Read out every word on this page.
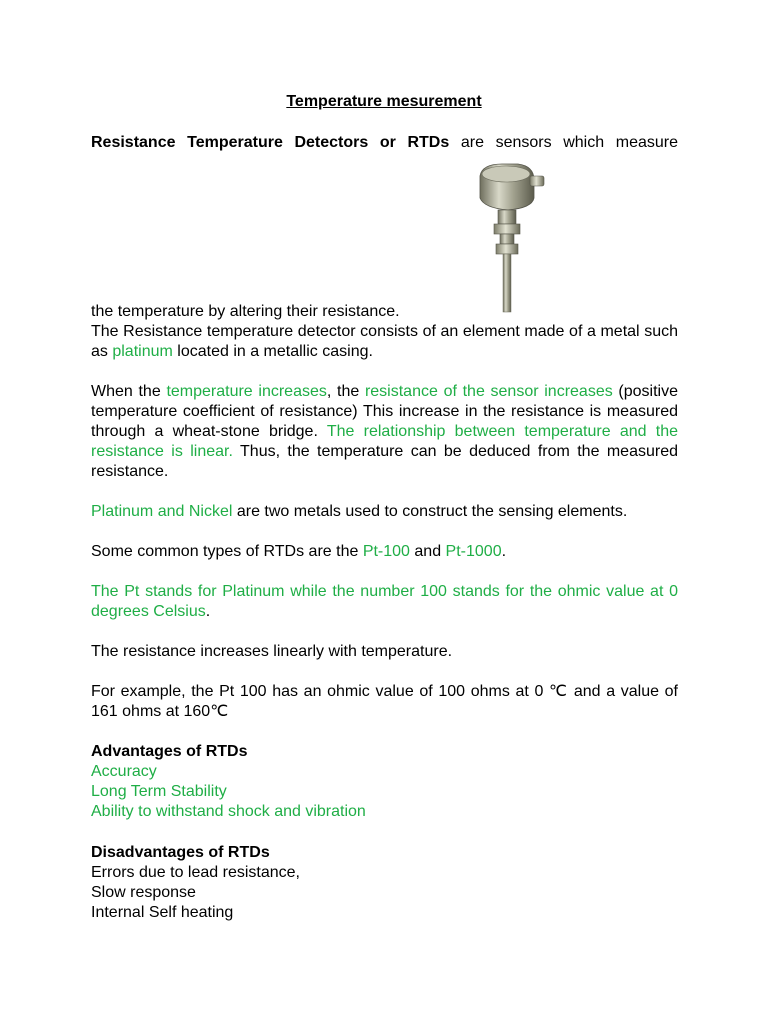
Temperature mesurement

Resistance Temperature Detectors or RTDs are sensors which measure

the temperature by altering their resistance.

The Resistance temperature detector consists of an element made of a metal such as platinum located in a metallic casing.

When the temperature increases, the resistance of the sensor increases (positive temperature coefficient of resistance) This increase in the resistance is measured through a wheat-stone bridge. The relationship between temperature and the resistance is linear. Thus, the temperature can be deduced from the measured resistance.

Platinum and Nickel are two metals used to construct the sensing elements.

Some common types of RTDs are the Pt-100 and Pt-1000.

The Pt stands for Platinum while the number 100 stands for the ohmic value at 0 degrees Celsius.

The resistance increases linearly with temperature.

For example, the Pt 100 has an ohmic value of 100 ohms at 0 ℃ and a value of 161 ohms at 160℃

Advantages of RTDs
Accuracy
Long Term Stability
Ability to withstand shock and vibration
Disadvantages of RTDs
Errors due to lead resistance,
Slow response
Internal Self heating
